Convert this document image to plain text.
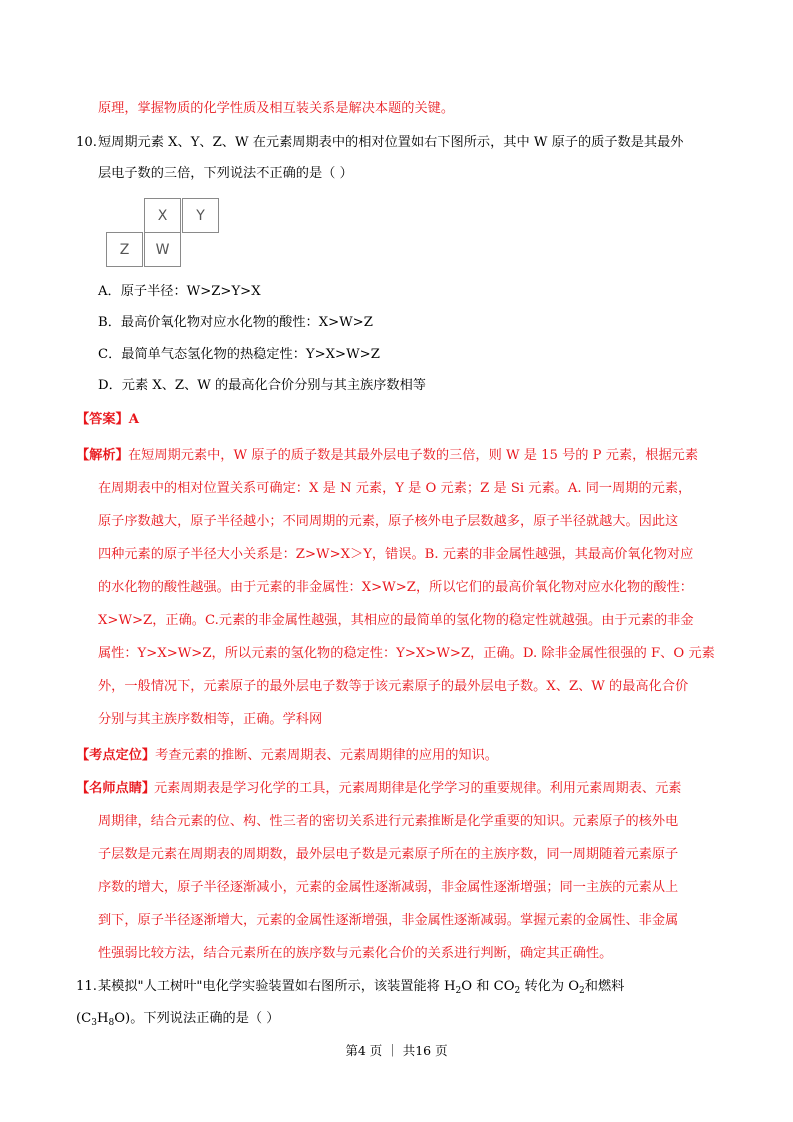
原理，掌握物质的化学性质及相互装关系是解决本题的关键。
10. 短周期元素 X、Y、Z、W 在元素周期表中的相对位置如右下图所示，其中 W 原子的质子数是其最外
层电子数的三倍，下列说法不正确的是（ ）
X	Y
Z	W
A．原子半径：W>Z>Y>X
B．最高价氧化物对应水化物的酸性：X>W>Z
C．最简单气态氢化物的热稳定性：Y>X>W>Z
D．元素 X、Z、W 的最高化合价分别与其主族序数相等
【答案】A
【解析】 在短周期元素中，W 原子的质子数是其最外层电子数的三倍，则 W 是 15 号的 P 元素，根据元素
在周期表中的相对位置关系可确定：X 是 N 元素，Y 是 O 元素；Z 是 Si 元素。A. 同一周期的元素，
原子序数越大，原子半径越小；不同周期的元素，原子核外电子层数越多，原子半径就越大。因此这
四种元素的原子半径大小关系是：Z>W>X＞Y，错误。B. 元素的非金属性越强，其最高价氧化物对应
的水化物的酸性越强。由于元素的非金属性：X>W>Z，所以它们的最高价氧化物对应水化物的酸性：
X>W>Z，正确。C.元素的非金属性越强，其相应的最简单的氢化物的稳定性就越强。由于元素的非金
属性：Y>X>W>Z，所以元素的氢化物的稳定性：Y>X>W>Z，正确。D. 除非金属性很强的 F、O 元素
外，一般情况下，元素原子的最外层电子数等于该元素原子的最外层电子数。X、Z、W 的最高化合价
分别与其主族序数相等，正确。学科网
【考点定位】考查元素的推断、元素周期表、元素周期律的应用的知识。
【名师点睛】
元素周期表是学习化学的工具，元素周期律是化学学习的重要规律。利用元素周期表、元素
周期律，结合元素的位、构、性三者的密切关系进行元素推断是化学重要的知识。元素原子的核外电
子层数是元素在周期表的周期数，最外层电子数是元素原子所在的主族序数，同一周期随着元素原子
序数的增大，原子半径逐渐减小，元素的金属性逐渐减弱，非金属性逐渐增强；同一主族的元素从上
到下，原子半径逐渐增大，元素的金属性逐渐增强，非金属性逐渐减弱。掌握元素的金属性、非金属
性强弱比较方法，结合元素所在的族序数与元素化合价的关系进行判断，确定其正确性。
11. 某模拟"人工树叶"电化学实验装置如右图所示，该装置能将 $H_2O$ 和 $CO_2$ 转化为 $O_2$和燃料
$(C_3H_8O)$。下列说法正确的是（ ）
第4 页 ｜ 共16 页
